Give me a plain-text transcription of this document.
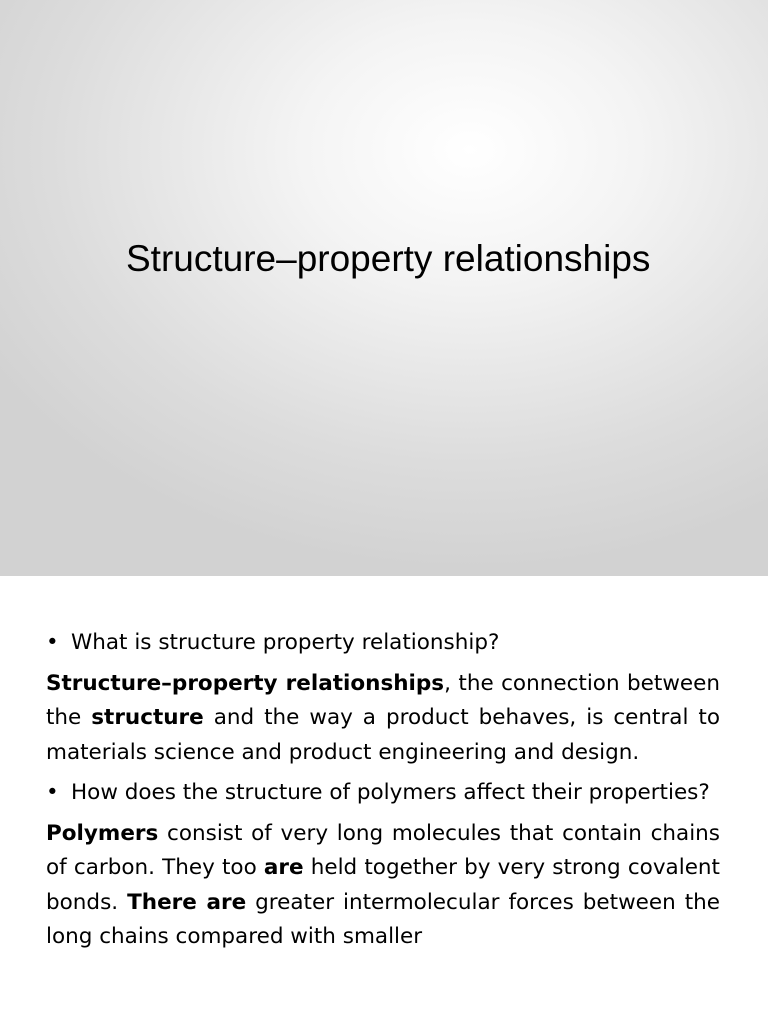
Structure–property relationships
• What is structure property relationship?

Structure–property relationships, the connection between the structure and the way a product behaves, is central to materials science and product engineering and design.

• How does the structure of polymers affect their properties?

Polymers consist of very long molecules that contain chains of carbon. They too are held together by very strong covalent bonds. There are greater intermolecular forces between the long chains compared with smaller
